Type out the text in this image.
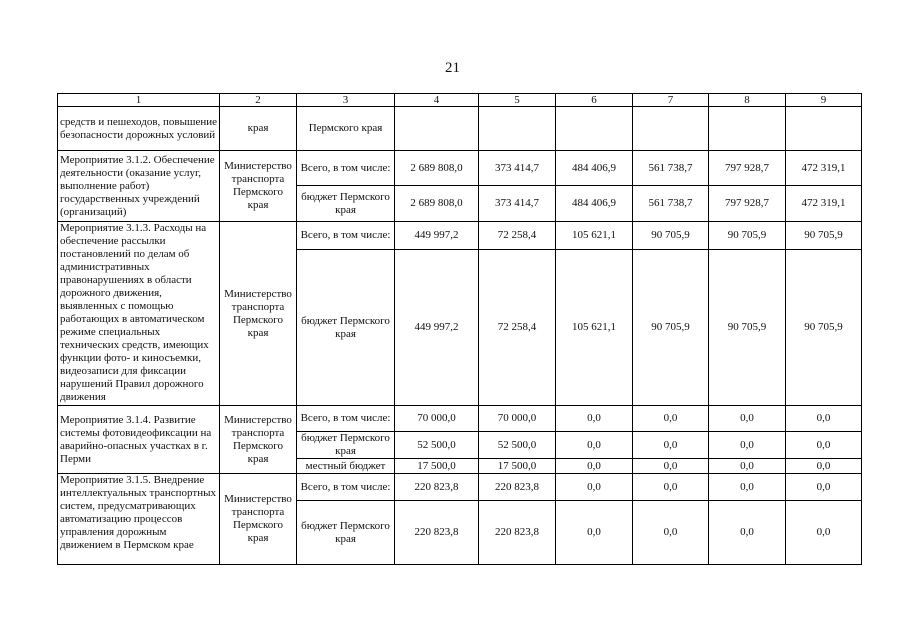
21
1	2	3	4	5	6	7	8	9
средств и пешеходов, повышение безопасности дорожных условий	края	Пермского края						
Мероприятие 3.1.2. Обеспечение деятельности (оказание услуг, выполнение работ) государственных учреждений (организаций)	Министерство транспорта Пермского края	Всего, в том числе:	2 689 808,0	373 414,7	484 406,9	561 738,7	797 928,7	472 319,1
		бюджет Пермского края	2 689 808,0	373 414,7	484 406,9	561 738,7	797 928,7	472 319,1
Мероприятие 3.1.3. Расходы на обеспечение рассылки постановлений по делам об административных правонарушениях в области дорожного движения, выявленных с помощью работающих в автоматическом режиме специальных технических средств, имеющих функции фото- и киносъемки, видеозаписи для фиксации нарушений Правил дорожного движения	Министерство транспорта Пермского края	Всего, в том числе:	449 997,2	72 258,4	105 621,1	90 705,9	90 705,9	90 705,9
		бюджет Пермского края	449 997,2	72 258,4	105 621,1	90 705,9	90 705,9	90 705,9
Мероприятие 3.1.4. Развитие системы фотовидеофиксации на аварийно-опасных участках в г. Перми	Министерство транспорта Пермского края	Всего, в том числе:	70 000,0	70 000,0	0,0	0,0	0,0	0,0
		бюджет Пермского края	52 500,0	52 500,0	0,0	0,0	0,0	0,0
		местный бюджет	17 500,0	17 500,0	0,0	0,0	0,0	0,0
Мероприятие 3.1.5. Внедрение интеллектуальных транспортных систем, предусматривающих автоматизацию процессов управления дорожным движением в Пермском крае	Министерство транспорта Пермского края	Всего, в том числе:	220 823,8	220 823,8	0,0	0,0	0,0	0,0
		бюджет Пермского края	220 823,8	220 823,8	0,0	0,0	0,0	0,0
